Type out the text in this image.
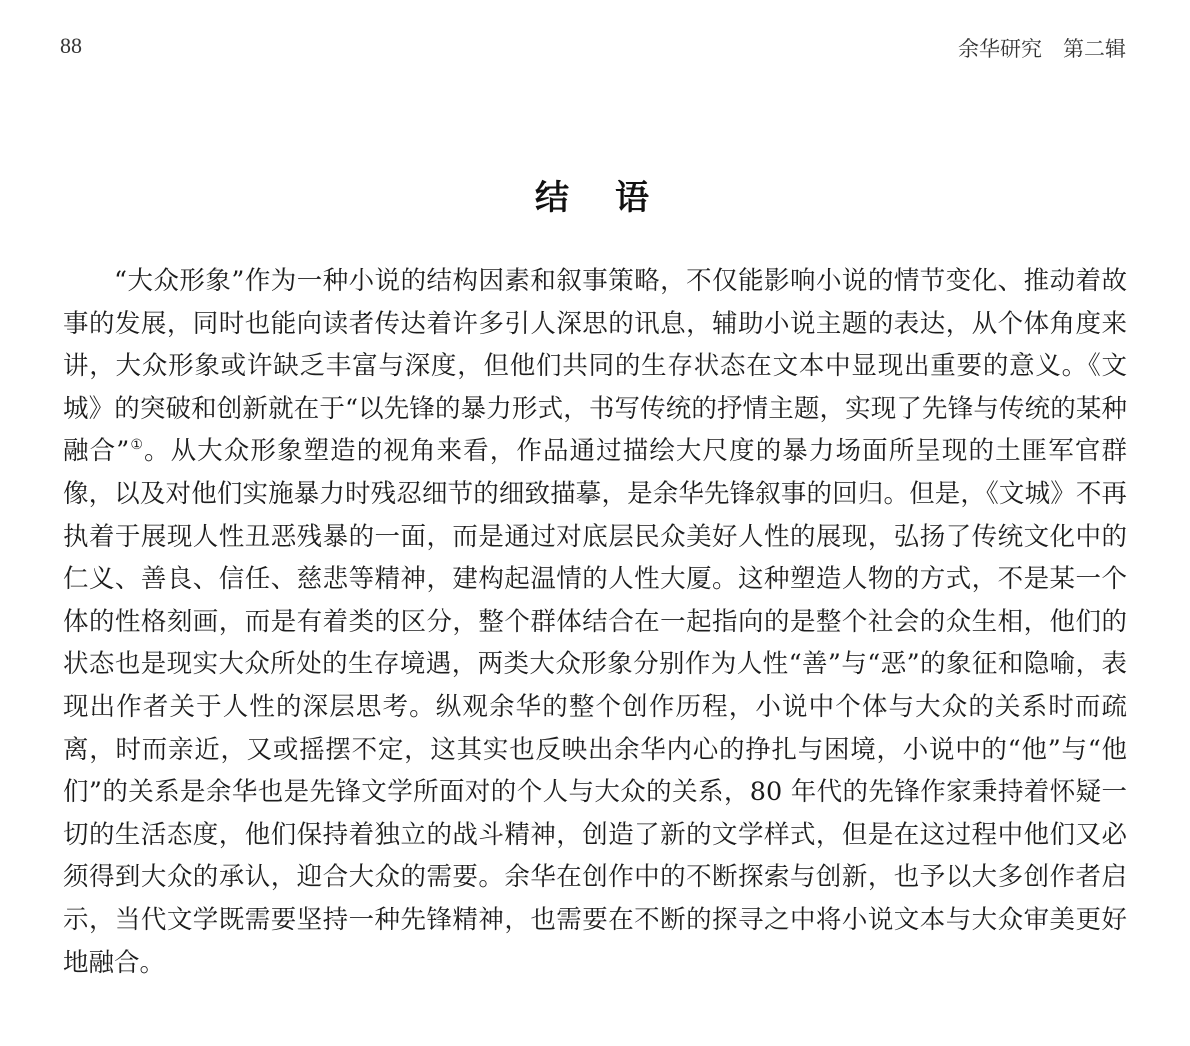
88	余华研究　第二辑
结　语

“大众形象”作为一种小说的结构因素和叙事策略，不仅能影响小说的情节变化、推动着故事的发展，同时也能向读者传达着许多引人深思的讯息，辅助小说主题的表达，从个体角度来讲，大众形象或许缺乏丰富与深度，但他们共同的生存状态在文本中显现出重要的意义。《文城》的突破和创新就在于“以先锋的暴力形式，书写传统的抒情主题，实现了先锋与传统的某种融合”①。从大众形象塑造的视角来看，作品通过描绘大尺度的暴力场面所呈现的土匪军官群像，以及对他们实施暴力时残忍细节的细致描摹，是余华先锋叙事的回归。但是，《文城》不再执着于展现人性丑恶残暴的一面，而是通过对底层民众美好人性的展现，弘扬了传统文化中的仁义、善良、信任、慈悲等精神，建构起温情的人性大厦。这种塑造人物的方式，不是某一个体的性格刻画，而是有着类的区分，整个群体结合在一起指向的是整个社会的众生相，他们的状态也是现实大众所处的生存境遇，两类大众形象分别作为人性“善”与“恶”的象征和隐喻，表现出作者关于人性的深层思考。纵观余华的整个创作历程，小说中个体与大众的关系时而疏离，时而亲近，又或摇摆不定，这其实也反映出余华内心的挣扎与困境，小说中的“他”与“他们”的关系是余华也是先锋文学所面对的个人与大众的关系，80 年代的先锋作家秉持着怀疑一切的生活态度，他们保持着独立的战斗精神，创造了新的文学样式，但是在这过程中他们又必须得到大众的承认，迎合大众的需要。余华在创作中的不断探索与创新，也予以大多创作者启示，当代文学既需要坚持一种先锋精神，也需要在不断的探寻之中将小说文本与大众审美更好地融合。
